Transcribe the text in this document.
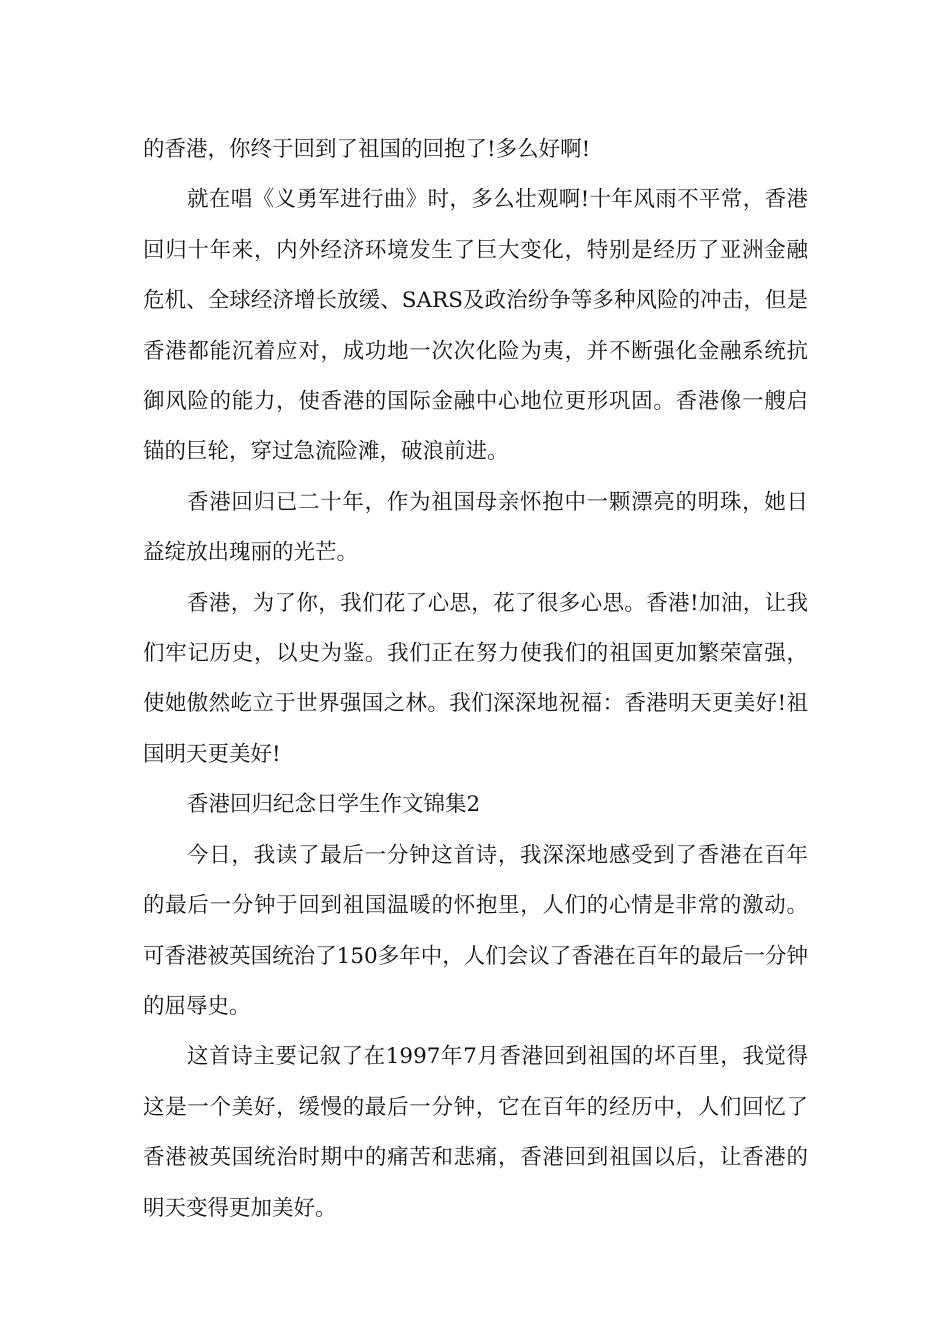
的香港，你终于回到了祖国的回抱了!多么好啊!

就在唱《义勇军进行曲》时，多么壮观啊!十年风雨不平常，香港回归十年来，内外经济环境发生了巨大变化，特别是经历了亚洲金融危机、全球经济增长放缓、SARS及政治纷争等多种风险的冲击，但是香港都能沉着应对，成功地一次次化险为夷，并不断强化金融系统抗御风险的能力，使香港的国际金融中心地位更形巩固。香港像一艘启锚的巨轮，穿过急流险滩，破浪前进。

香港回归已二十年，作为祖国母亲怀抱中一颗漂亮的明珠，她日益绽放出瑰丽的光芒。

香港，为了你，我们花了心思，花了很多心思。香港!加油，让我们牢记历史，以史为鉴。我们正在努力使我们的祖国更加繁荣富强，使她傲然屹立于世界强国之林。我们深深地祝福：香港明天更美好!祖国明天更美好!

香港回归纪念日学生作文锦集2

今日，我读了最后一分钟这首诗，我深深地感受到了香港在百年的最后一分钟于回到祖国温暖的怀抱里，人们的心情是非常的激动。可香港被英国统治了150多年中，人们会议了香港在百年的最后一分钟的屈辱史。

这首诗主要记叙了在1997年7月香港回到祖国的坏百里，我觉得这是一个美好，缓慢的最后一分钟，它在百年的经历中，人们回忆了香港被英国统治时期中的痛苦和悲痛，香港回到祖国以后，让香港的明天变得更加美好。
